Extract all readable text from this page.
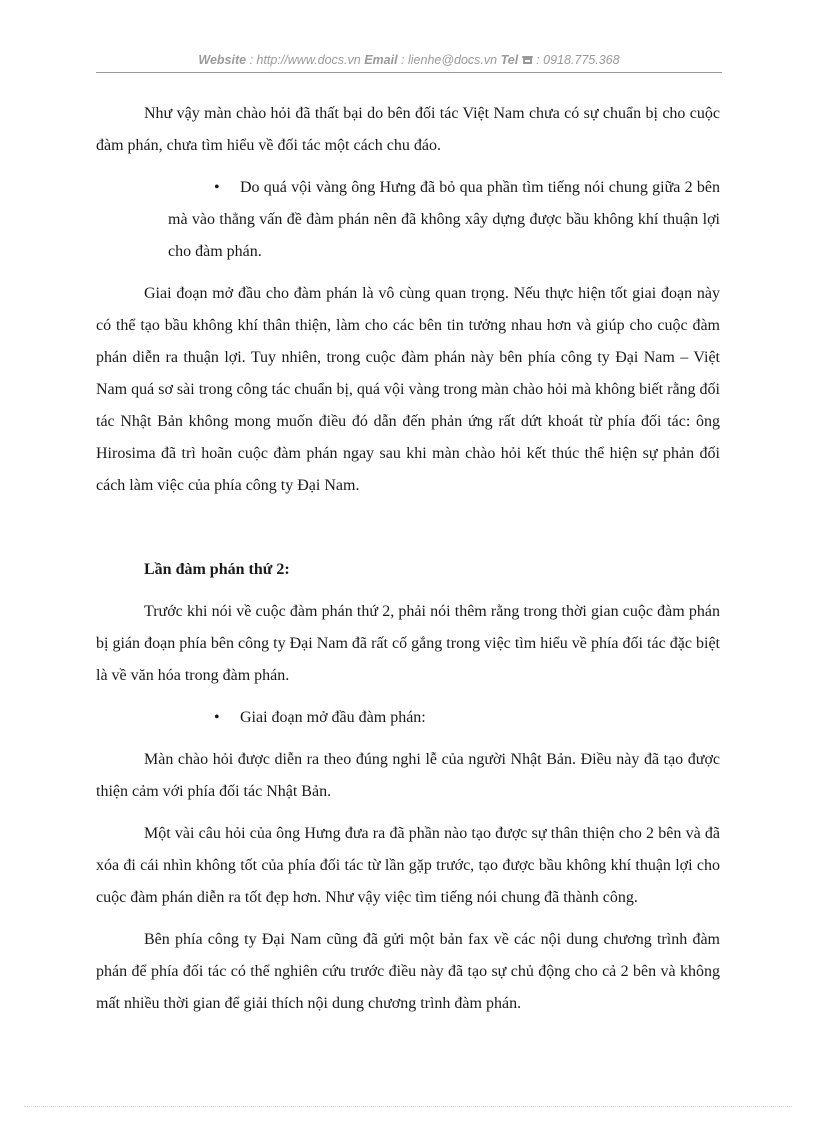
Website : http://www.docs.vn Email : lienhe@docs.vn Tel  : 0918.775.368

Như vậy màn chào hỏi đã thất bại do bên đối tác Việt Nam chưa có sự chuẩn bị cho cuộc đàm phán, chưa tìm hiểu về đối tác một cách chu đáo.

•	Do quá vội vàng ông Hưng đã bỏ qua phần tìm tiếng nói chung giữa 2 bên mà vào thẳng vấn đề đàm phán nên đã không xây dựng được bầu không khí thuận lợi cho đàm phán.

Giai đoạn mở đầu cho đàm phán là vô cùng quan trọng. Nếu thực hiện tốt giai đoạn này có thể tạo bầu không khí thân thiện, làm cho các bên tin tưởng nhau hơn và giúp cho cuộc đàm phán diễn ra thuận lợi. Tuy nhiên, trong cuộc đàm phán này bên phía công ty Đại Nam – Việt Nam quá sơ sài trong công tác chuẩn bị, quá vội vàng trong màn chào hỏi mà không biết rằng đối tác Nhật Bản không mong muốn điều đó dẫn đến phản ứng rất dứt khoát từ phía đối tác: ông Hirosima đã trì hoãn cuộc đàm phán ngay sau khi màn chào hỏi kết thúc thể hiện sự phản đối cách làm việc của phía công ty Đại Nam.

Lần đàm phán thứ 2:

Trước khi nói về cuộc đàm phán thứ 2, phải nói thêm rằng trong thời gian cuộc đàm phán bị gián đoạn phía bên công ty Đại Nam đã rất cố gắng trong việc tìm hiểu về phía đối tác đặc biệt là về văn hóa trong đàm phán.

•	Giai đoạn mở đầu đàm phán:

Màn chào hỏi được diễn ra theo đúng nghi lễ của người Nhật Bản. Điều này đã tạo được thiện cảm với phía đối tác Nhật Bản.

Một vài câu hỏi của ông Hưng đưa ra đã phần nào tạo được sự thân thiện cho 2 bên và đã xóa đi cái nhìn không tốt của phía đối tác từ lần gặp trước, tạo được bầu không khí thuận lợi cho cuộc đàm phán diễn ra tốt đẹp hơn. Như vậy việc tìm tiếng nói chung đã thành công.

Bên phía công ty Đại Nam cũng đã gửi một bản fax về các nội dung chương trình đàm phán để phía đối tác có thể nghiên cứu trước điều này đã tạo sự chủ động cho cả 2 bên và không mất nhiều thời gian để giải thích nội dung chương trình đàm phán.
